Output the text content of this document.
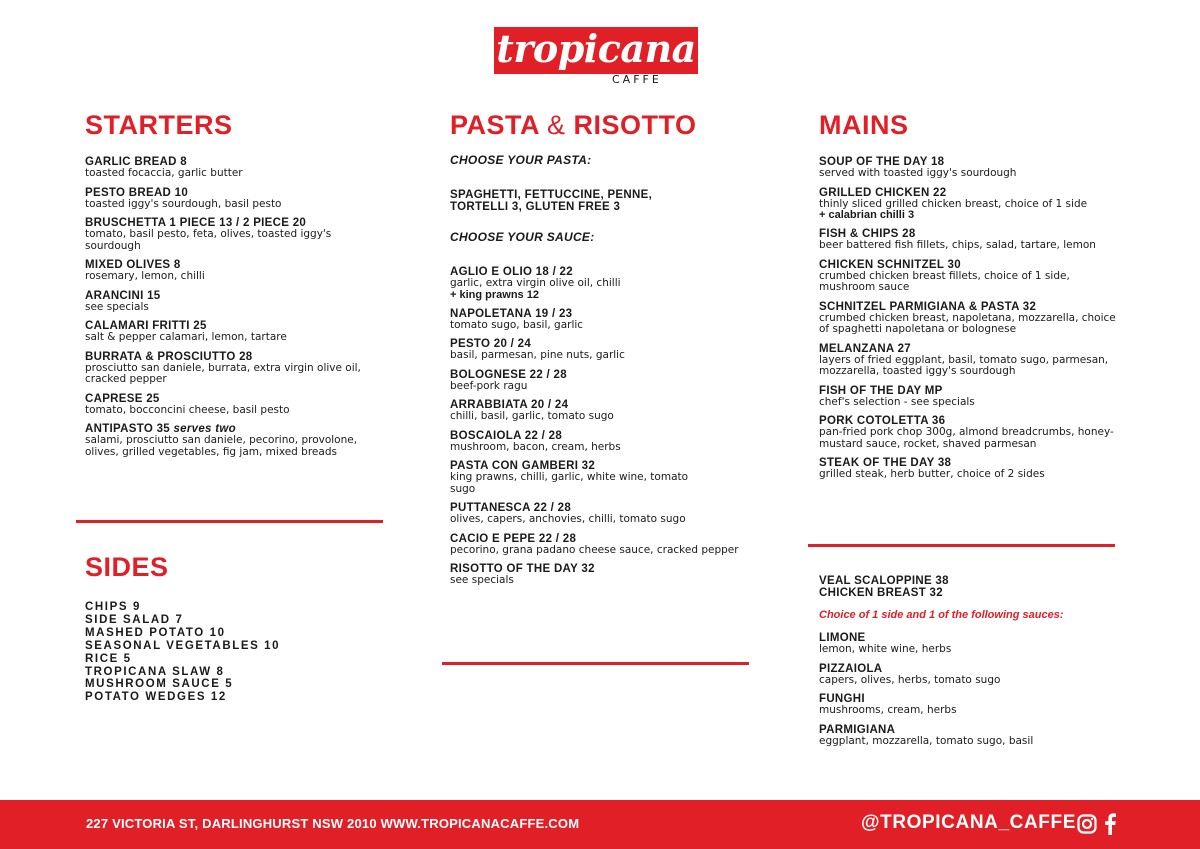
tropicana
CAFFE
STARTERS
GARLIC BREAD 8
toasted focaccia, garlic butter
PESTO BREAD 10
toasted iggy's sourdough, basil pesto
BRUSCHETTA 1 PIECE 13 / 2 PIECE 20
tomato, basil pesto, feta, olives, toasted iggy's sourdough
MIXED OLIVES 8
rosemary, lemon, chilli
ARANCINI 15
see specials
CALAMARI FRITTI 25
salt & pepper calamari, lemon, tartare
BURRATA & PROSCIUTTO 28
prosciutto san daniele, burrata, extra virgin olive oil, cracked pepper
CAPRESE 25
tomato, bocconcini cheese, basil pesto
ANTIPASTO 35 serves two
salami, prosciutto san daniele, pecorino, provolone, olives, grilled vegetables, fig jam, mixed breads
SIDES
CHIPS 9
SIDE SALAD 7
MASHED POTATO 10
SEASONAL VEGETABLES 10
RICE 5
TROPICANA SLAW 8
MUSHROOM SAUCE 5
POTATO WEDGES 12
PASTA & RISOTTO
CHOOSE YOUR PASTA:
SPAGHETTI, FETTUCCINE, PENNE, TORTELLI 3, GLUTEN FREE 3
CHOOSE YOUR SAUCE:
AGLIO E OLIO 18 / 22
garlic, extra virgin olive oil, chilli
+ king prawns 12
NAPOLETANA 19 / 23
tomato sugo, basil, garlic
PESTO 20 / 24
basil, parmesan, pine nuts, garlic
BOLOGNESE 22 / 28
beef-pork ragu
ARRABBIATA 20 / 24
chilli, basil, garlic, tomato sugo
BOSCAIOLA 22 / 28
mushroom, bacon, cream, herbs
PASTA CON GAMBERI 32
king prawns, chilli, garlic, white wine, tomato sugo
PUTTANESCA 22 / 28
olives, capers, anchovies, chilli, tomato sugo
CACIO E PEPE 22 / 28
pecorino, grana padano cheese sauce, cracked pepper
RISOTTO OF THE DAY 32
see specials
MAINS
SOUP OF THE DAY 18
served with toasted iggy's sourdough
GRILLED CHICKEN 22
thinly sliced grilled chicken breast, choice of 1 side
+ calabrian chilli 3
FISH & CHIPS 28
beer battered fish fillets, chips, salad, tartare, lemon
CHICKEN SCHNITZEL 30
crumbed chicken breast fillets, choice of 1 side, mushroom sauce
SCHNITZEL PARMIGIANA & PASTA 32
crumbed chicken breast, napoletana, mozzarella, choice of spaghetti napoletana or bolognese
MELANZANA 27
layers of fried eggplant, basil, tomato sugo, parmesan, mozzarella, toasted iggy's sourdough
FISH OF THE DAY MP
chef's selection - see specials
PORK COTOLETTA 36
pan-fried pork chop 300g, almond breadcrumbs, honey-mustard sauce, rocket, shaved parmesan
STEAK OF THE DAY 38
grilled steak, herb butter, choice of 2 sides
VEAL SCALOPPINE 38
CHICKEN BREAST 32
Choice of 1 side and 1 of the following sauces:
LIMONE
lemon, white wine, herbs
PIZZAIOLA
capers, olives, herbs, tomato sugo
FUNGHI
mushrooms, cream, herbs
PARMIGIANA
eggplant, mozzarella, tomato sugo, basil
227 VICTORIA ST, DARLINGHURST NSW 2010 WWW.TROPICANACAFFE.COM	@TROPICANA_CAFFE
